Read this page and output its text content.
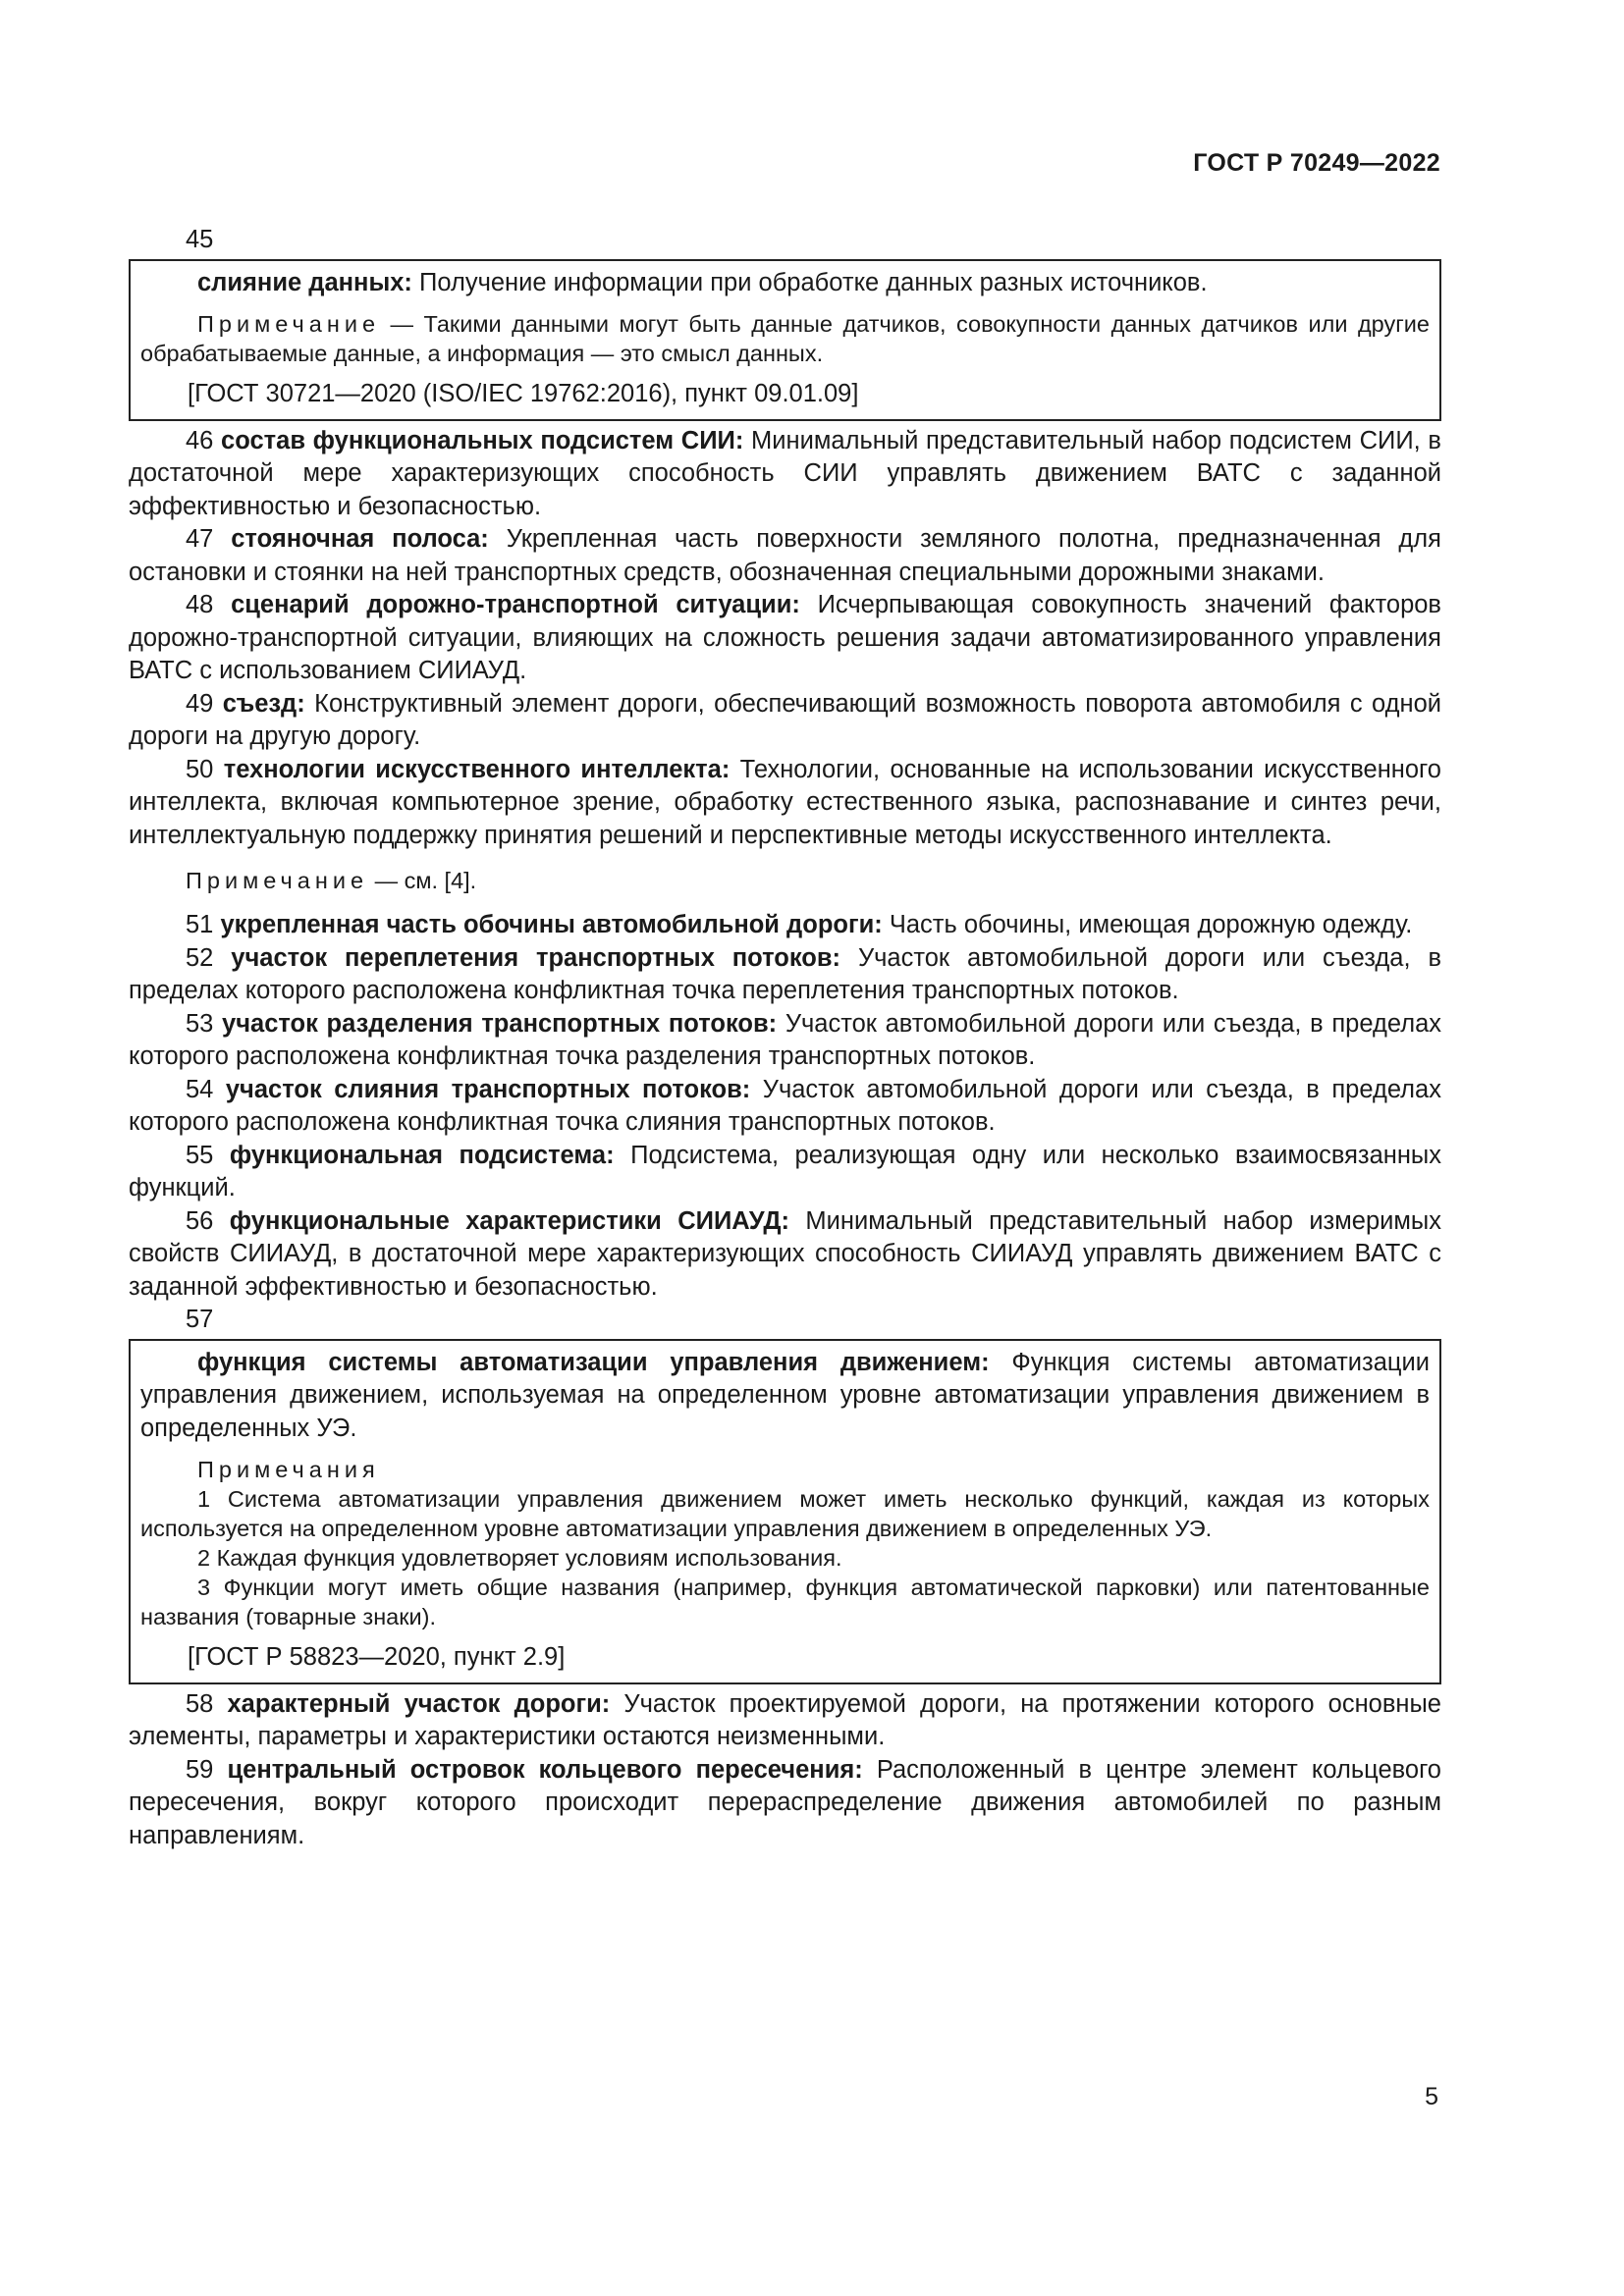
ГОСТ Р 70249—2022
45

слияние данных: Получение информации при обработке данных разных источников.

Примечание — Такими данными могут быть данные датчиков, совокупности данных датчиков или другие обрабатываемые данные, а информация — это смысл данных.

[ГОСТ 30721—2020 (ISO/IEC 19762:2016), пункт 09.01.09]

46 состав функциональных подсистем СИИ: Минимальный представительный набор подсистем СИИ, в достаточной мере характеризующих способность СИИ управлять движением ВАТС с заданной эффективностью и безопасностью.

47 стояночная полоса: Укрепленная часть поверхности земляного полотна, предназначенная для остановки и стоянки на ней транспортных средств, обозначенная специальными дорожными знаками.

48 сценарий дорожно-транспортной ситуации: Исчерпывающая совокупность значений факторов дорожно-транспортной ситуации, влияющих на сложность решения задачи автоматизированного управления ВАТС с использованием СИИАУД.

49 съезд: Конструктивный элемент дороги, обеспечивающий возможность поворота автомобиля с одной дороги на другую дорогу.

50 технологии искусственного интеллекта: Технологии, основанные на использовании искусственного интеллекта, включая компьютерное зрение, обработку естественного языка, распознавание и синтез речи, интеллектуальную поддержку принятия решений и перспективные методы искусственного интеллекта.

Примечание — см. [4].

51 укрепленная часть обочины автомобильной дороги: Часть обочины, имеющая дорожную одежду.

52 участок переплетения транспортных потоков: Участок автомобильной дороги или съезда, в пределах которого расположена конфликтная точка переплетения транспортных потоков.

53 участок разделения транспортных потоков: Участок автомобильной дороги или съезда, в пределах которого расположена конфликтная точка разделения транспортных потоков.

54 участок слияния транспортных потоков: Участок автомобильной дороги или съезда, в пределах которого расположена конфликтная точка слияния транспортных потоков.

55 функциональная подсистема: Подсистема, реализующая одну или несколько взаимосвязанных функций.

56 функциональные характеристики СИИАУД: Минимальный представительный набор измеримых свойств СИИАУД, в достаточной мере характеризующих способность СИИАУД управлять движением ВАТС с заданной эффективностью и безопасностью.

57

функция системы автоматизации управления движением: Функция системы автоматизации управления движением, используемая на определенном уровне автоматизации управления движением в определенных УЭ.

Примечания

1 Система автоматизации управления движением может иметь несколько функций, каждая из которых используется на определенном уровне автоматизации управления движением в определенных УЭ.

2 Каждая функция удовлетворяет условиям использования.

3 Функции могут иметь общие названия (например, функция автоматической парковки) или патентованные названия (товарные знаки).

[ГОСТ Р 58823—2020, пункт 2.9]

58 характерный участок дороги: Участок проектируемой дороги, на протяжении которого основные элементы, параметры и характеристики остаются неизменными.

59 центральный островок кольцевого пересечения: Расположенный в центре элемент кольцевого пересечения, вокруг которого происходит перераспределение движения автомобилей по разным направлениям.

5
